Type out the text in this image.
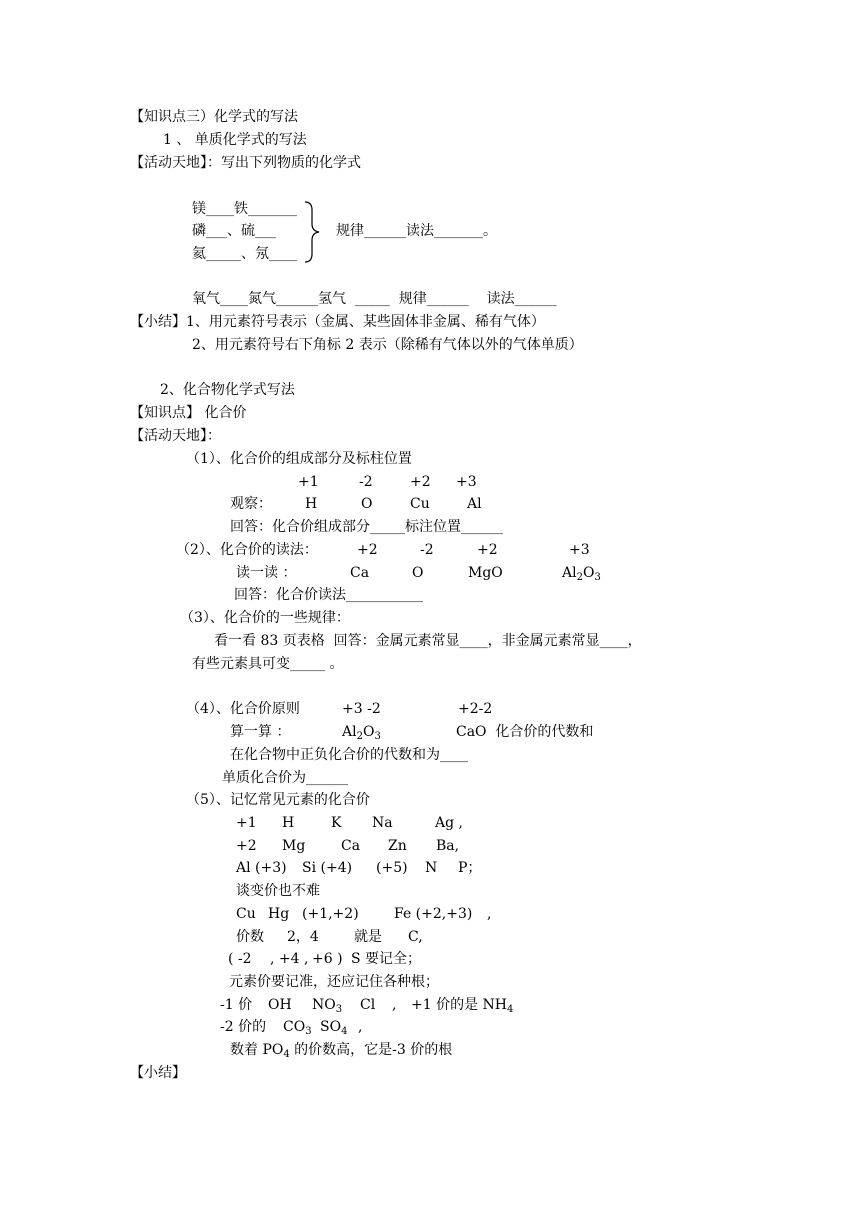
【知识点三）化学式的写法
1 、 单质化学式的写法
【活动天地】：写出下列物质的化学式
镁____铁_______
磷___、硫___
氦_____、氖____
规律______读法_______。
氧气____氮气______氢气  _____  规律______    读法______
【小结】1、用元素符号表示（金属、某些固体非金属、稀有气体）
2、用元素符号右下角标 2 表示（除稀有气体以外的气体单质）
2、化合物化学式写法
【知识点】 化合价
【活动天地】：
（1）、化合价的组成部分及标柱位置
+1	-2	+2 +3
观察： H	O	Cu	Al
回答：化合价组成部分_____标注位置______
（2）、化合价的读法：	+2	-2	+2	+3
读一读 ：	Ca	O	MgO	$Al_2O_3$
回答：化合价读法___________
（3）、化合价的一些规律：
看一看 83 页表格  回答：金属元素常显____，非金属元素常显____，
有些元素具可变_____ 。
（4）、化合价原则	+3 -2	+2-2
算一算 ：	$Al_2O_3$	CaO  化合价的代数和
在化合物中正负化合价的代数和为____
单质化合价为______
（5）、记忆常见元素的化合价
+1 H	K Na	Ag ,
+2 Mg	Ca Zn Ba,
Al (+3) Si (+4) (+5) N P；
谈变价也不难
Cu Hg (+1,+2)	Fe (+2,+3) ,
价数 2，4	就是 C,
( -2 , +4 , +6 ) S 要记全；
元素价要记准，还应记住各种根；
-1 价 OH $NO_3$ Cl , +1 价的是 $NH_4$
-2 价的 $CO_3$ $SO_4$ ,
数着 $PO_4$ 的价数高，它是-3 价的根
【小结】
